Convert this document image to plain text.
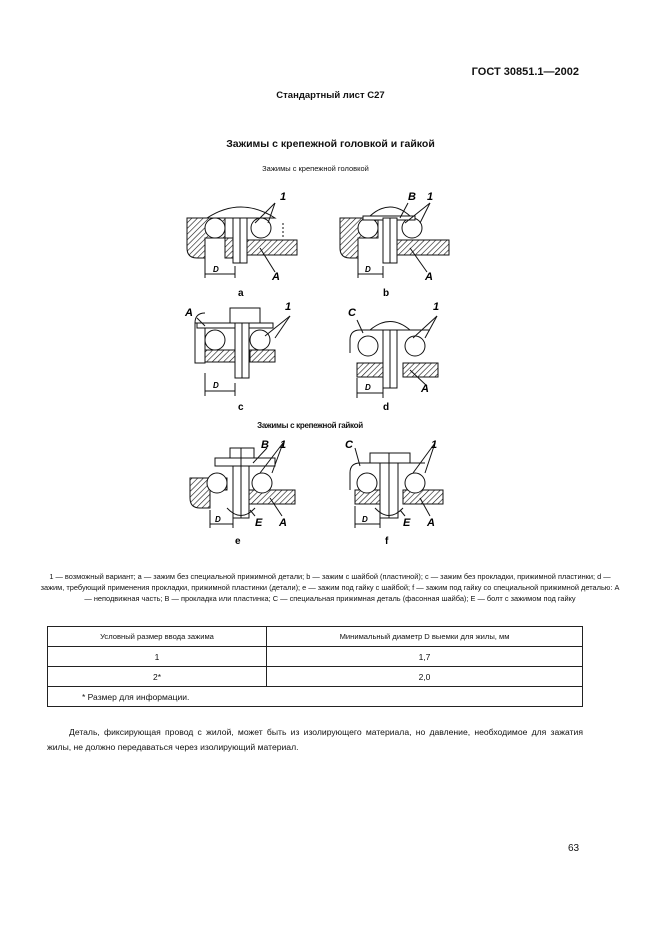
ГОСТ 30851.1—2002
Стандартный лист С27
Зажимы с крепежной головкой и гайкой
Зажимы с крепежной головкой
Зажимы с крепежной гайкой
1
A
D
a
B 1
A
D
b
A	1
D
c
C	1
A
D
d
B 1
E A
D
e
C	1
E A
D
f
1 — возможный вариант; a — зажим без специальной прижимной детали; b — зажим с шайбой (пластиной); c — зажим без прокладки, прижимной пластинки; d — зажим, требующий применения прокладки, прижимной пластинки (детали); e — зажим под гайку с шайбой; f — зажим под гайку со специальной прижимной деталью: A — неподвижная часть; B — прокладка или пластинка; C — специальная прижимная деталь (фасонная шайба); E — болт с зажимом под гайку
Условный размер ввода зажима	Минимальный диаметр D выемки для жилы, мм
1	1,7
2*	2,0
* Размер для информации.	
Деталь, фиксирующая провод с жилой, может быть из изолирующего материала, но давление, необходимое для зажатия жилы, не должно передаваться через изолирующий материал.
63
